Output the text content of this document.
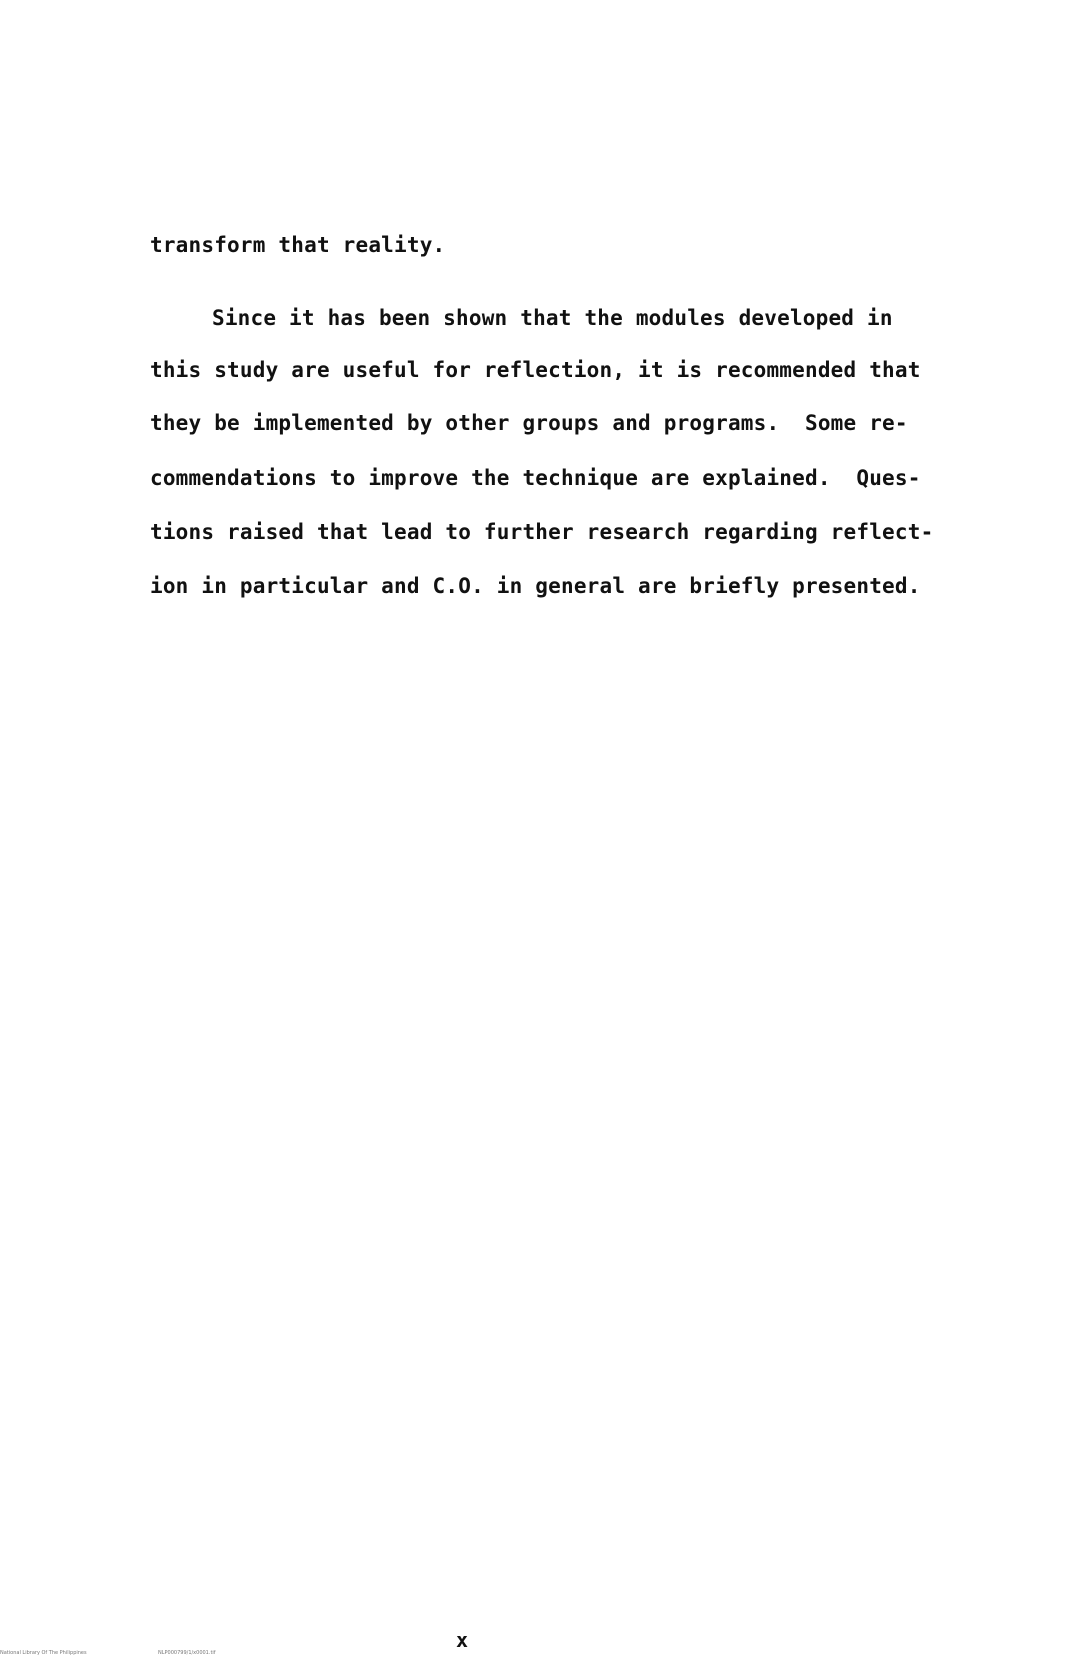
transform that reality.
Since it has been shown that the modules developed in
this study are useful for reflection, it is recommended that
they be implemented by other groups and programs.  Some re-
commendations to improve the technique are explained.  Ques-
tions raised that lead to further research regarding reflect-
ion in particular and C.O. in general are briefly presented.
x
National Library Of The Philippines	NLP000799/1/x0001.tif
